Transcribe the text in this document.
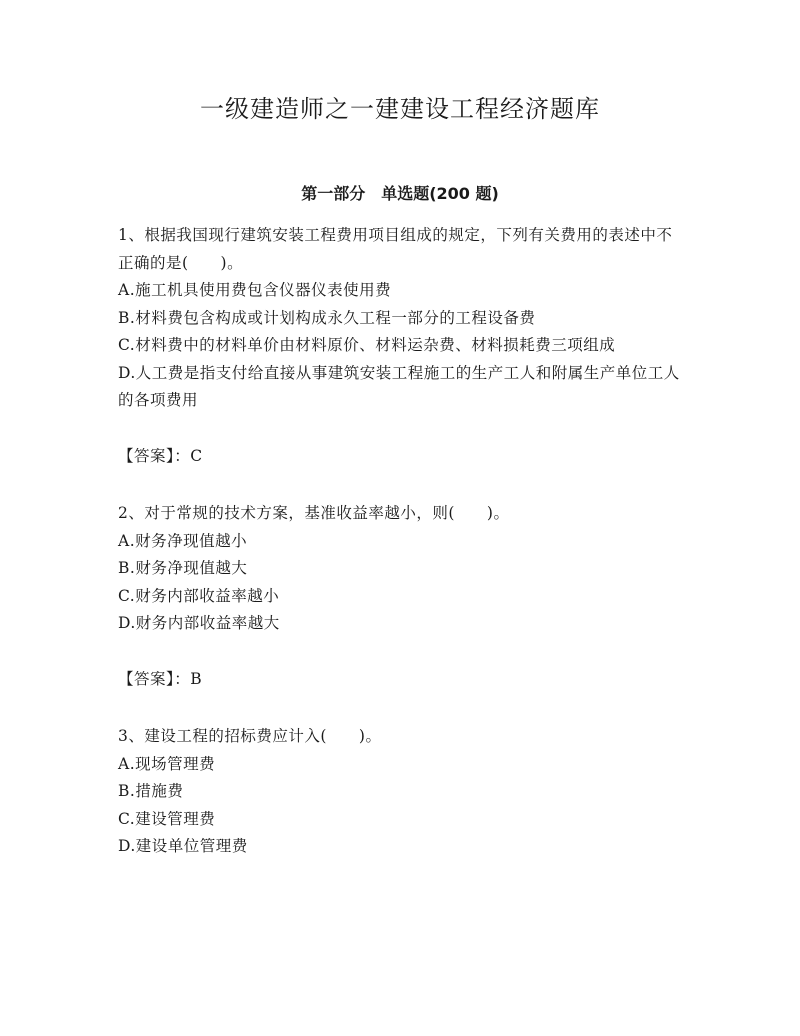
一级建造师之一建建设工程经济题库
第一部分 单选题(200 题)

1、根据我国现行建筑安装工程费用项目组成的规定，下列有关费用的表述中不正确的是(　　)。

A.施工机具使用费包含仪器仪表使用费

B.材料费包含构成或计划构成永久工程一部分的工程设备费

C.材料费中的材料单价由材料原价、材料运杂费、材料损耗费三项组成

D.人工费是指支付给直接从事建筑安装工程施工的生产工人和附属生产单位工人的各项费用

【答案】：C

2、对于常规的技术方案，基准收益率越小，则(　　)。

A.财务净现值越小

B.财务净现值越大

C.财务内部收益率越小

D.财务内部收益率越大

【答案】：B

3、建设工程的招标费应计入(　　)。

A.现场管理费

B.措施费

C.建设管理费

D.建设单位管理费
